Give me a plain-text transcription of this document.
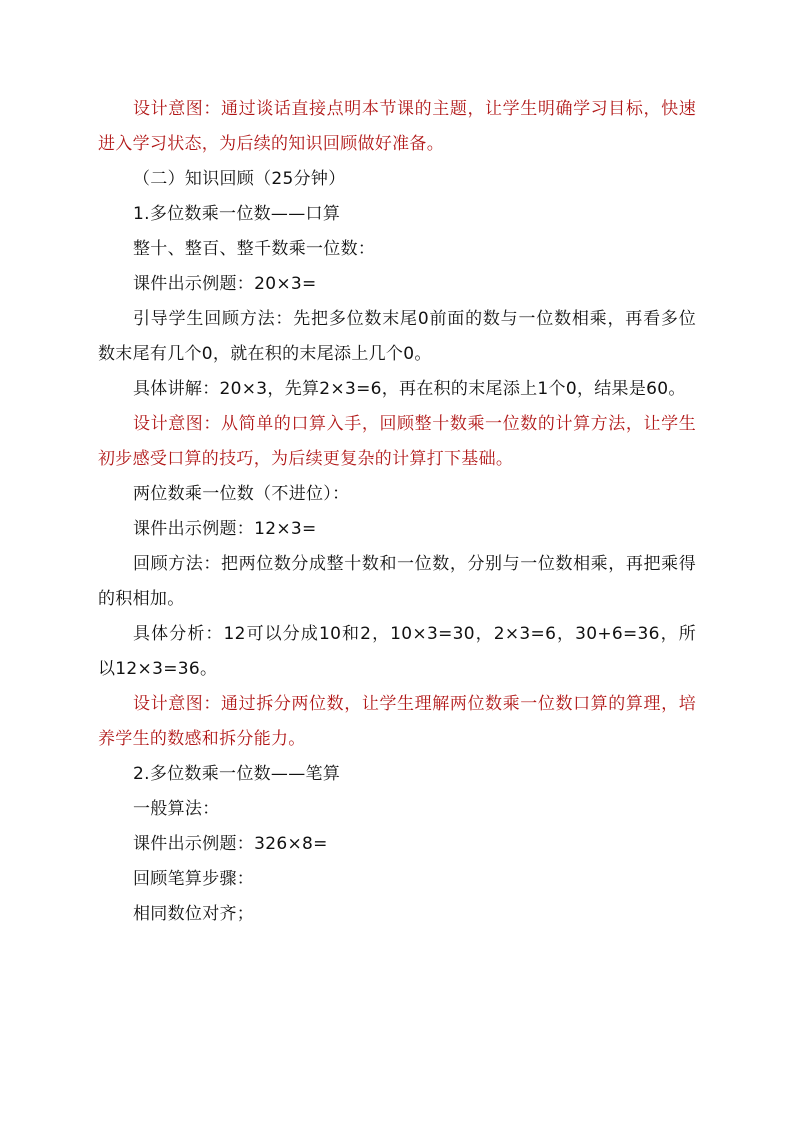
设计意图：通过谈话直接点明本节课的主题，让学生明确学习目标，快速进入学习状态，为后续的知识回顾做好准备。

（二）知识回顾（25分钟）

1.多位数乘一位数——口算

整十、整百、整千数乘一位数：

课件出示例题：20×3=

引导学生回顾方法：先把多位数末尾0前面的数与一位数相乘，再看多位数末尾有几个0，就在积的末尾添上几个0。

具体讲解：20×3，先算2×3=6，再在积的末尾添上1个0，结果是60。

设计意图：从简单的口算入手，回顾整十数乘一位数的计算方法，让学生初步感受口算的技巧，为后续更复杂的计算打下基础。

两位数乘一位数（不进位）：

课件出示例题：12×3=

回顾方法：把两位数分成整十数和一位数，分别与一位数相乘，再把乘得的积相加。

具体分析：12可以分成10和2，10×3=30，2×3=6，30+6=36，所以12×3=36。

设计意图：通过拆分两位数，让学生理解两位数乘一位数口算的算理，培养学生的数感和拆分能力。

2.多位数乘一位数——笔算

一般算法：

课件出示例题：326×8=

回顾笔算步骤：

相同数位对齐；
